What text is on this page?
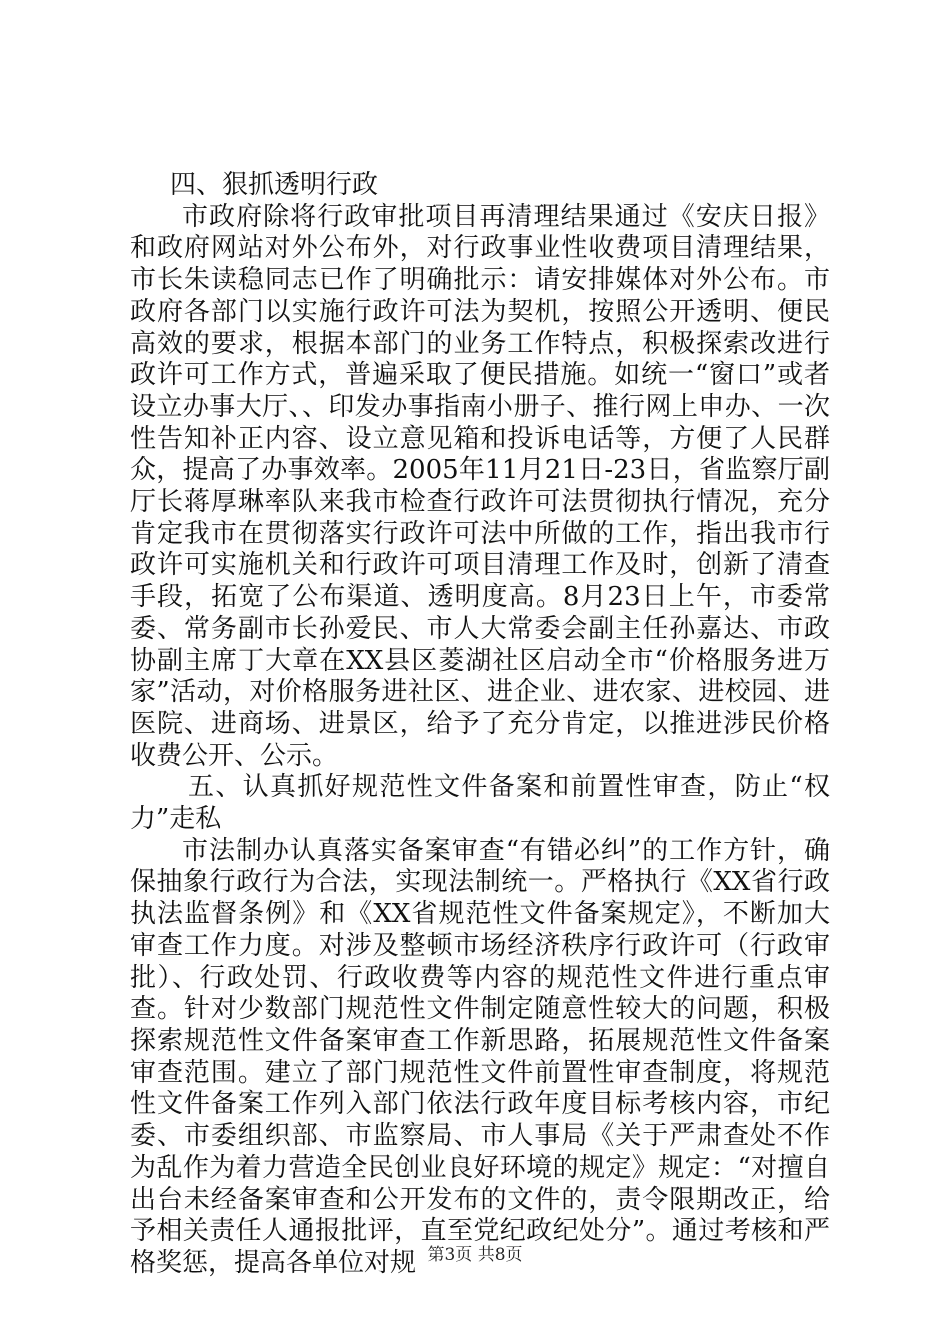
四、狠抓透明行政

市政府除将行政审批项目再清理结果通过《安庆日报》和政府网站对外公布外，对行政事业性收费项目清理结果，市长朱读稳同志已作了明确批示：请安排媒体对外公布。市政府各部门以实施行政许可法为契机，按照公开透明、便民高效的要求，根据本部门的业务工作特点，积极探索改进行政许可工作方式，普遍采取了便民措施。如统一“窗口”或者设立办事大厅、、印发办事指南小册子、推行网上申办、一次性告知补正内容、设立意见箱和投诉电话等，方便了人民群众，提高了办事效率。2005年11月21日-23日，省监察厅副厅长蒋厚琳率队来我市检查行政许可法贯彻执行情况，充分肯定我市在贯彻落实行政许可法中所做的工作，指出我市行政许可实施机关和行政许可项目清理工作及时，创新了清查手段，拓宽了公布渠道、透明度高。8月23日上午，市委常委、常务副市长孙爱民、市人大常委会副主任孙嘉达、市政协副主席丁大章在XX县区菱湖社区启动全市“价格服务进万家”活动，对价格服务进社区、进企业、进农家、进校园、进医院、进商场、进景区，给予了充分肯定，以推进涉民价格收费公开、公示。

五、认真抓好规范性文件备案和前置性审查，防止“权力”走私

市法制办认真落实备案审查“有错必纠”的工作方针，确保抽象行政行为合法，实现法制统一。严格执行《XX省行政执法监督条例》和《XX省规范性文件备案规定》，不断加大审查工作力度。对涉及整顿市场经济秩序行政许可（行政审批）、行政处罚、行政收费等内容的规范性文件进行重点审查。针对少数部门规范性文件制定随意性较大的问题，积极探索规范性文件备案审查工作新思路，拓展规范性文件备案审查范围。建立了部门规范性文件前置性审查制度，将规范性文件备案工作列入部门依法行政年度目标考核内容，市纪委、市委组织部、市监察局、市人事局《关于严肃查处不作为乱作为着力营造全民创业良好环境的规定》规定：“对擅自出台未经备案审查和公开发布的文件的，责令限期改正，给予相关责任人通报批评，直至党纪政纪处分”。通过考核和严格奖惩，提高各单位对规 第3页 共8页
